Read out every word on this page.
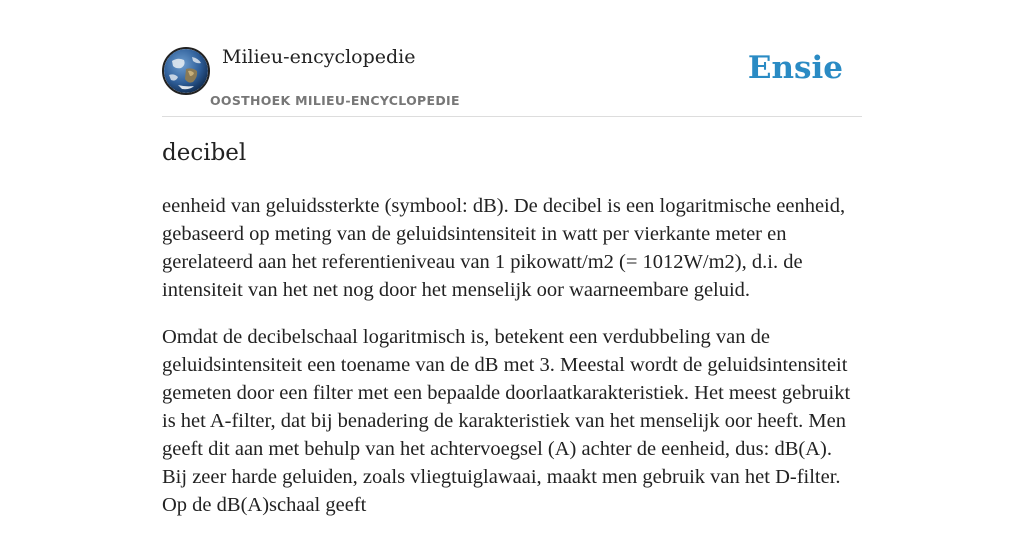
Milieu-encyclopedie
OOSTHOEK MILIEU-ENCYCLOPEDIE
Ensie
decibel

eenheid van geluidssterkte (symbool: dB). De decibel is een logaritmische eenheid, gebaseerd op meting van de geluidsintensiteit in watt per vierkante meter en gerelateerd aan het referentieniveau van 1 pikowatt/m2 (= 1012W/m2), d.i. de intensiteit van het net nog door het menselijk oor waarneembare geluid.

Omdat de decibelschaal logaritmisch is, betekent een verdubbeling van de geluidsintensiteit een toename van de dB met 3. Meestal wordt de geluidsintensiteit gemeten door een filter met een bepaalde doorlaatkarakteristiek. Het meest gebruikt is het A-filter, dat bij benadering de karakteristiek van het menselijk oor heeft. Men geeft dit aan met behulp van het achtervoegsel (A) achter de eenheid, dus: dB(A). Bij zeer harde geluiden, zoals vliegtuiglawaai, maakt men gebruik van het D-filter. Op de dB(A)schaal geeft
